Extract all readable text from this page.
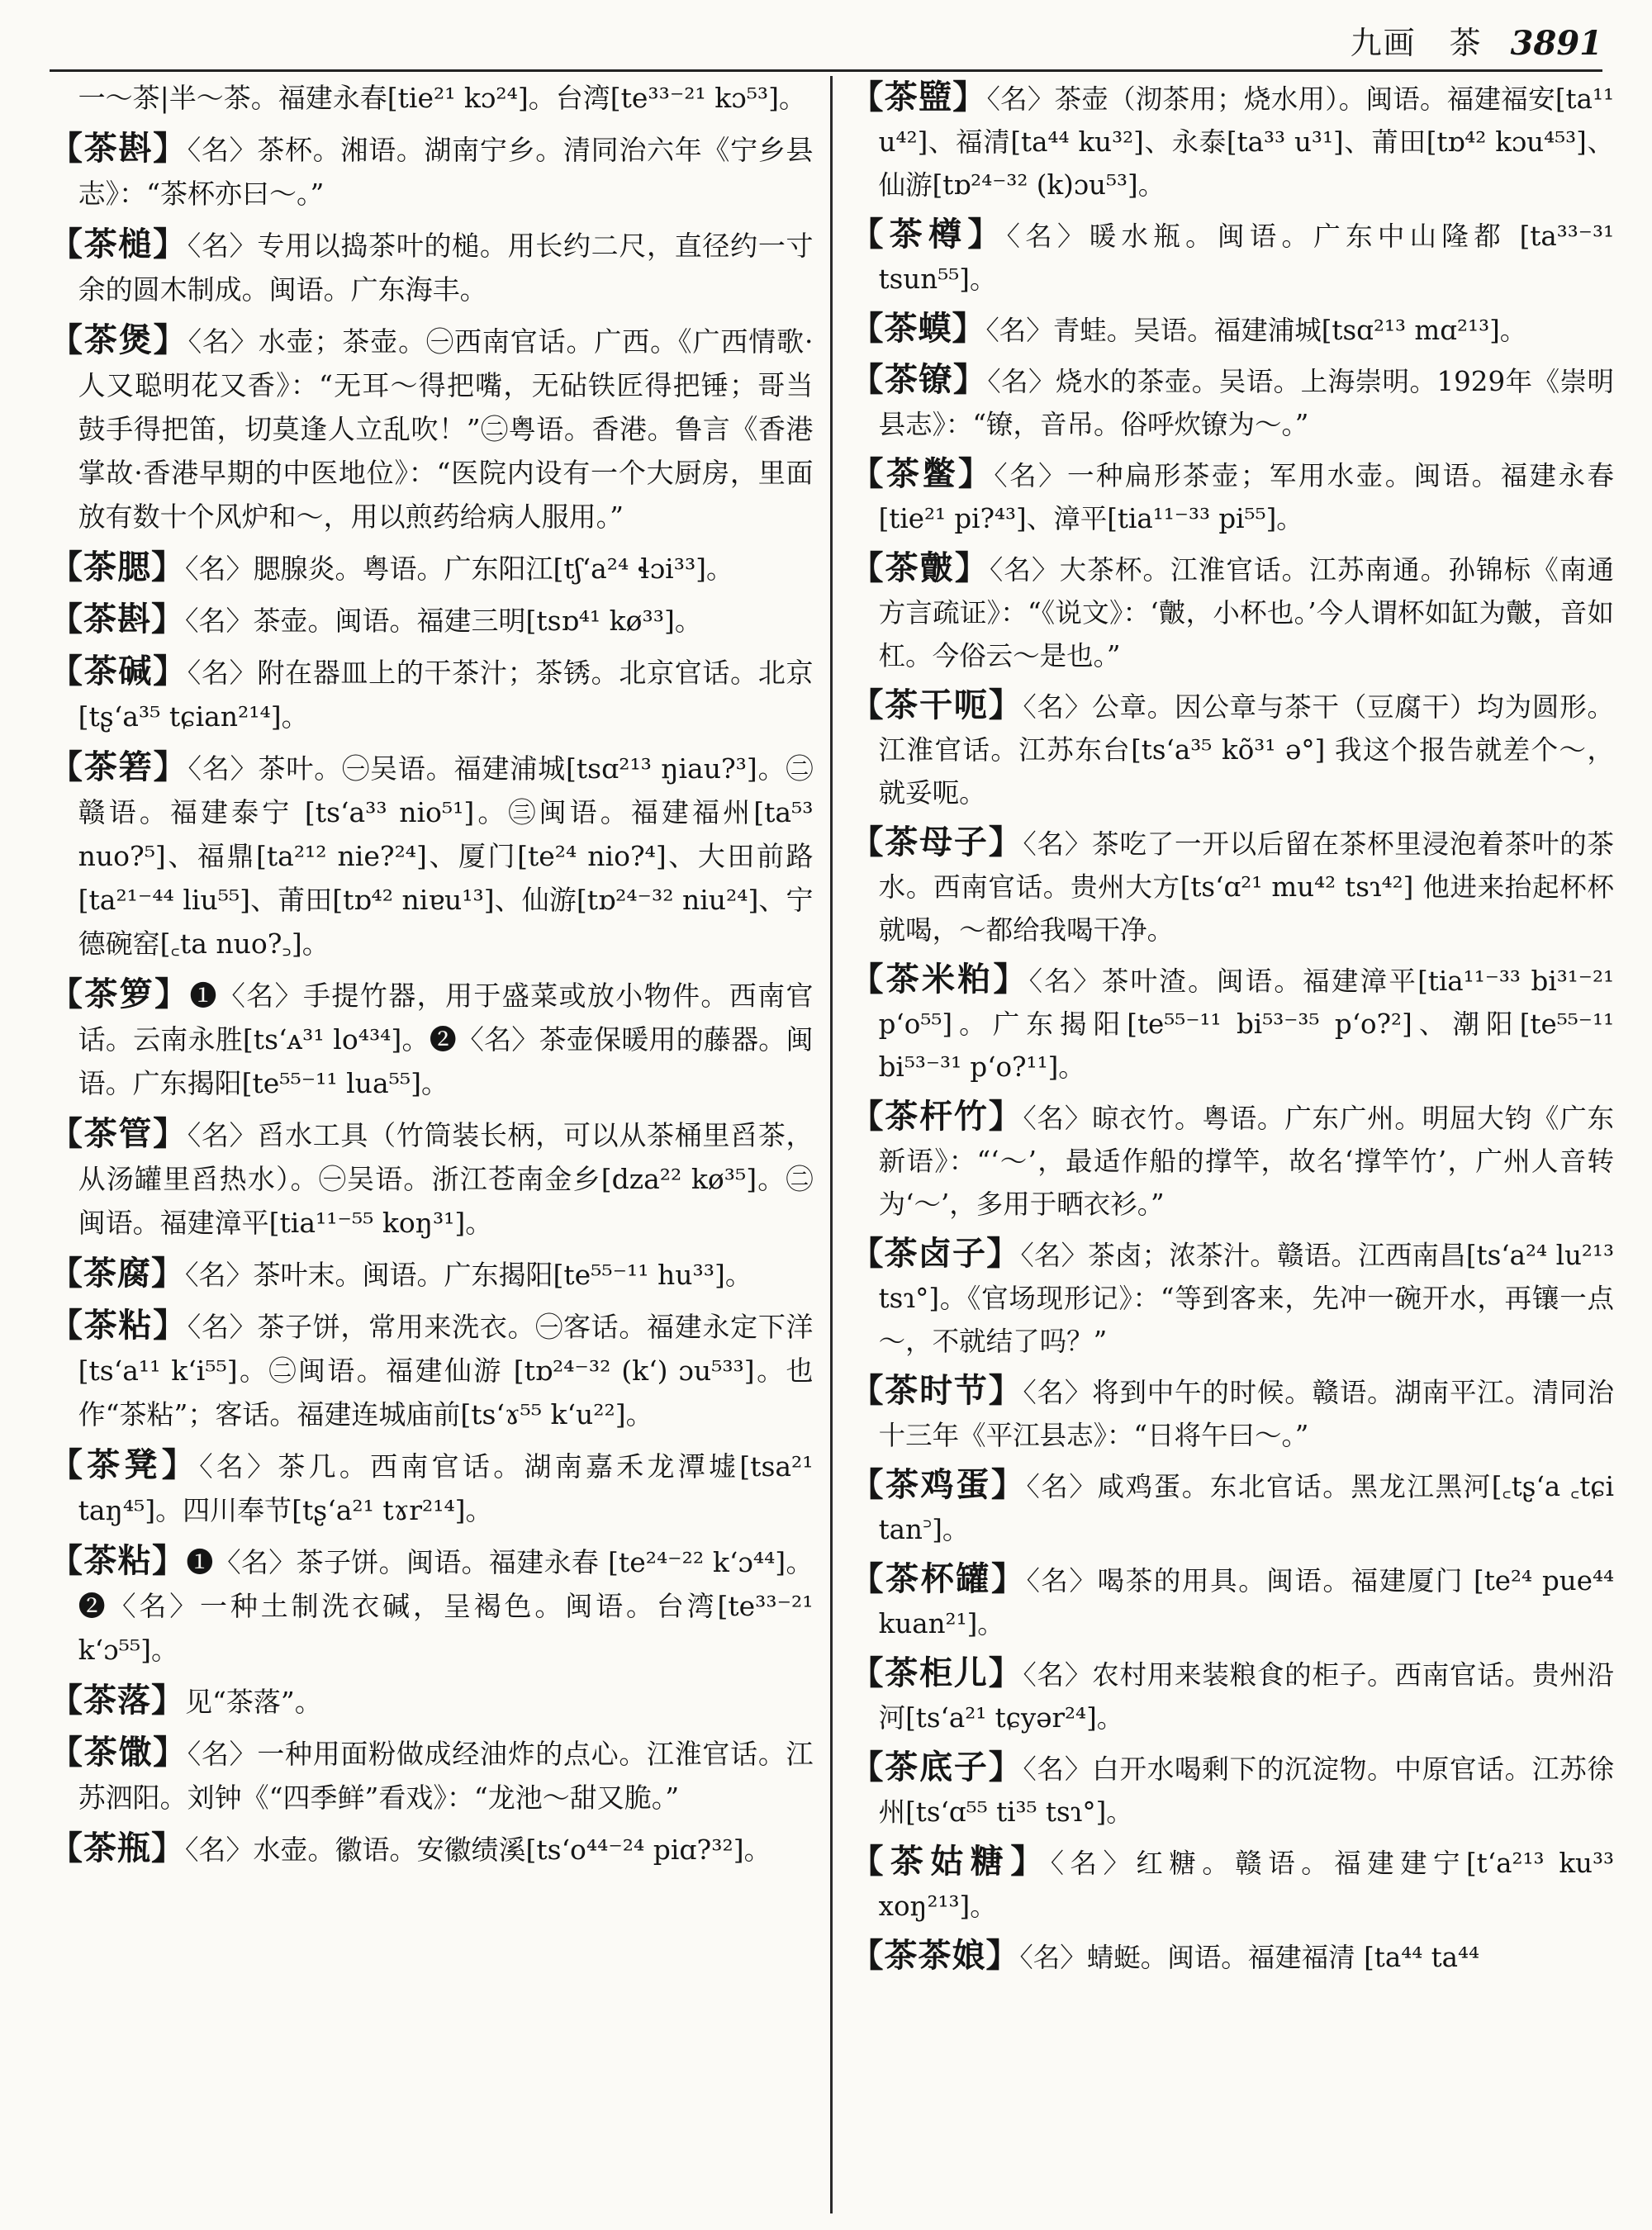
九画　茶 3891

一～茶|半～茶。福建永春[tie²¹ kɔ²⁴]。台湾[te³³⁻²¹ kɔ⁵³]。

【茶斟】〈名〉茶杯。湘语。湖南宁乡。清同治六年《宁乡县志》：“茶杯亦曰～。”

【茶槌】〈名〉专用以捣茶叶的槌。用长约二尺，直径约一寸余的圆木制成。闽语。广东海丰。

【茶煲】〈名〉水壶；茶壶。㊀西南官话。广西。《广西情歌·人又聪明花又香》：“无耳～得把嘴，无砧铁匠得把锤；哥当鼓手得把笛，切莫逢人立乱吹！”㊁粤语。香港。鲁言《香港掌故·香港早期的中医地位》：“医院内设有一个大厨房，里面放有数十个风炉和～，用以煎药给病人服用。”

【茶腮】〈名〉腮腺炎。粤语。广东阳江[tʃʻa²⁴ ɬɔi³³]。

【茶斟】〈名〉茶壶。闽语。福建三明[tsɒ⁴¹ kø³³]。

【茶碱】〈名〉附在器皿上的干茶汁；茶锈。北京官话。北京[tʂʻa³⁵ tɕian²¹⁴]。

【茶箬】〈名〉茶叶。㊀吴语。福建浦城[tsɑ²¹³ ŋiau?³]。㊁赣语。福建泰宁 [tsʻa³³ nio⁵¹]。㊂闽语。福建福州[ta⁵³ nuo?⁵]、福鼎[ta²¹² nie?²⁴]、厦门[te²⁴ nio?⁴]、大田前路[ta²¹⁻⁴⁴ liu⁵⁵]、莆田[tɒ⁴² niɐu¹³]、仙游[tɒ²⁴⁻³² niu²⁴]、宁德碗窑[꜀ta nuo?꜆]。

【茶箩】❶〈名〉手提竹器，用于盛菜或放小物件。西南官话。云南永胜[tsʻᴀ³¹ lo⁴³⁴]。❷〈名〉茶壶保暖用的藤器。闽语。广东揭阳[te⁵⁵⁻¹¹ lua⁵⁵]。

【茶管】〈名〉舀水工具（竹筒装长柄，可以从茶桶里舀茶，从汤罐里舀热水）。㊀吴语。浙江苍南金乡[dza²² kø³⁵]。㊁闽语。福建漳平[tia¹¹⁻⁵⁵ koŋ³¹]。

【茶腐】〈名〉茶叶末。闽语。广东揭阳[te⁵⁵⁻¹¹ hu³³]。

【茶粘】〈名〉茶子饼，常用来洗衣。㊀客话。福建永定下洋 [tsʻa¹¹ kʻi⁵⁵]。㊁闽语。福建仙游 [tɒ²⁴⁻³² (kʻ) ɔu⁵³³]。也作“茶粘”；客话。福建连城庙前[tsʻɤ⁵⁵ kʻu²²]。

【茶凳】〈名〉茶几。西南官话。湖南嘉禾龙潭墟[tsa²¹ taŋ⁴⁵]。四川奉节[tʂʻa²¹ tɤr²¹⁴]。

【茶粘】❶〈名〉茶子饼。闽语。福建永春 [te²⁴⁻²² kʻɔ⁴⁴]。❷〈名〉一种土制洗衣碱，呈褐色。闽语。台湾[te³³⁻²¹ kʻɔ⁵⁵]。

【茶落】见“茶落”。

【茶馓】〈名〉一种用面粉做成经油炸的点心。江淮官话。江苏泗阳。刘钟《“四季鲜”看戏》：“龙池～甜又脆。”

【茶瓶】〈名〉水壶。徽语。安徽绩溪[tsʻo⁴⁴⁻²⁴ piɑ?³²]。

【茶盬】〈名〉茶壶（沏茶用；烧水用）。闽语。福建福安[ta¹¹ u⁴²]、福清[ta⁴⁴ ku³²]、永泰[ta³³ u³¹]、莆田[tɒ⁴² kɔu⁴⁵³]、仙游[tɒ²⁴⁻³² (k)ɔu⁵³]。

【茶樽】〈名〉暖水瓶。闽语。广东中山隆都 [ta³³⁻³¹ tsun⁵⁵]。

【茶蟆】〈名〉青蛙。吴语。福建浦城[tsɑ²¹³ mɑ²¹³]。

【茶镣】〈名〉烧水的茶壶。吴语。上海崇明。1929年《崇明县志》：“镣，音吊。俗呼炊镣为～。”

【茶鳖】〈名〉一种扁形茶壶；军用水壶。闽语。福建永春[tie²¹ pi?⁴³]、漳平[tia¹¹⁻³³ pi⁵⁵]。

【茶皾】〈名〉大茶杯。江淮官话。江苏南通。孙锦标《南通方言疏证》：“《说文》：‘皾，小杯也。’今人谓杯如缸为皾，音如杠。今俗云～是也。”

【茶干呃】〈名〉公章。因公章与茶干（豆腐干）均为圆形。江淮官话。江苏东台[tsʻa³⁵ kõ³¹ ə°] 我这个报告就差个～，就妥呃。

【茶母子】〈名〉茶吃了一开以后留在茶杯里浸泡着茶叶的茶水。西南官话。贵州大方[tsʻɑ²¹ mu⁴² tsɿ⁴²] 他进来抬起杯杯就喝，～都给我喝干净。

【茶米粕】〈名〉茶叶渣。闽语。福建漳平[tia¹¹⁻³³ bi³¹⁻²¹ pʻo⁵⁵]。广东揭阳[te⁵⁵⁻¹¹ bi⁵³⁻³⁵ pʻo?²]、潮阳[te⁵⁵⁻¹¹ bi⁵³⁻³¹ pʻo?¹¹]。

【茶杆竹】〈名〉晾衣竹。粤语。广东广州。明屈大钧《广东新语》：“‘～’，最适作船的撑竿，故名‘撑竿竹’，广州人音转为‘～’，多用于晒衣衫。”

【茶卤子】〈名〉茶卤；浓茶汁。赣语。江西南昌[tsʻa²⁴ lu²¹³ tsɿ°]。《官场现形记》：“等到客来，先冲一碗开水，再镶一点～，不就结了吗？”

【茶时节】〈名〉将到中午的时候。赣语。湖南平江。清同治十三年《平江县志》：“日将午曰～。”

【茶鸡蛋】〈名〉咸鸡蛋。东北官话。黑龙江黑河[꜀tʂʻa ꜀tɕi tan꜄]。

【茶杯罐】〈名〉喝茶的用具。闽语。福建厦门 [te²⁴ pue⁴⁴ kuan²¹]。

【茶柜儿】〈名〉农村用来装粮食的柜子。西南官话。贵州沿河[tsʻa²¹ tɕyər²⁴]。

【茶底子】〈名〉白开水喝剩下的沉淀物。中原官话。江苏徐州[tsʻɑ⁵⁵ ti³⁵ tsɿ°]。

【茶姑糖】〈名〉红糖。赣语。福建建宁[tʻa²¹³ ku³³ xoŋ²¹³]。

【茶茶娘】〈名〉蜻蜓。闽语。福建福清 [ta⁴⁴ ta⁴⁴
